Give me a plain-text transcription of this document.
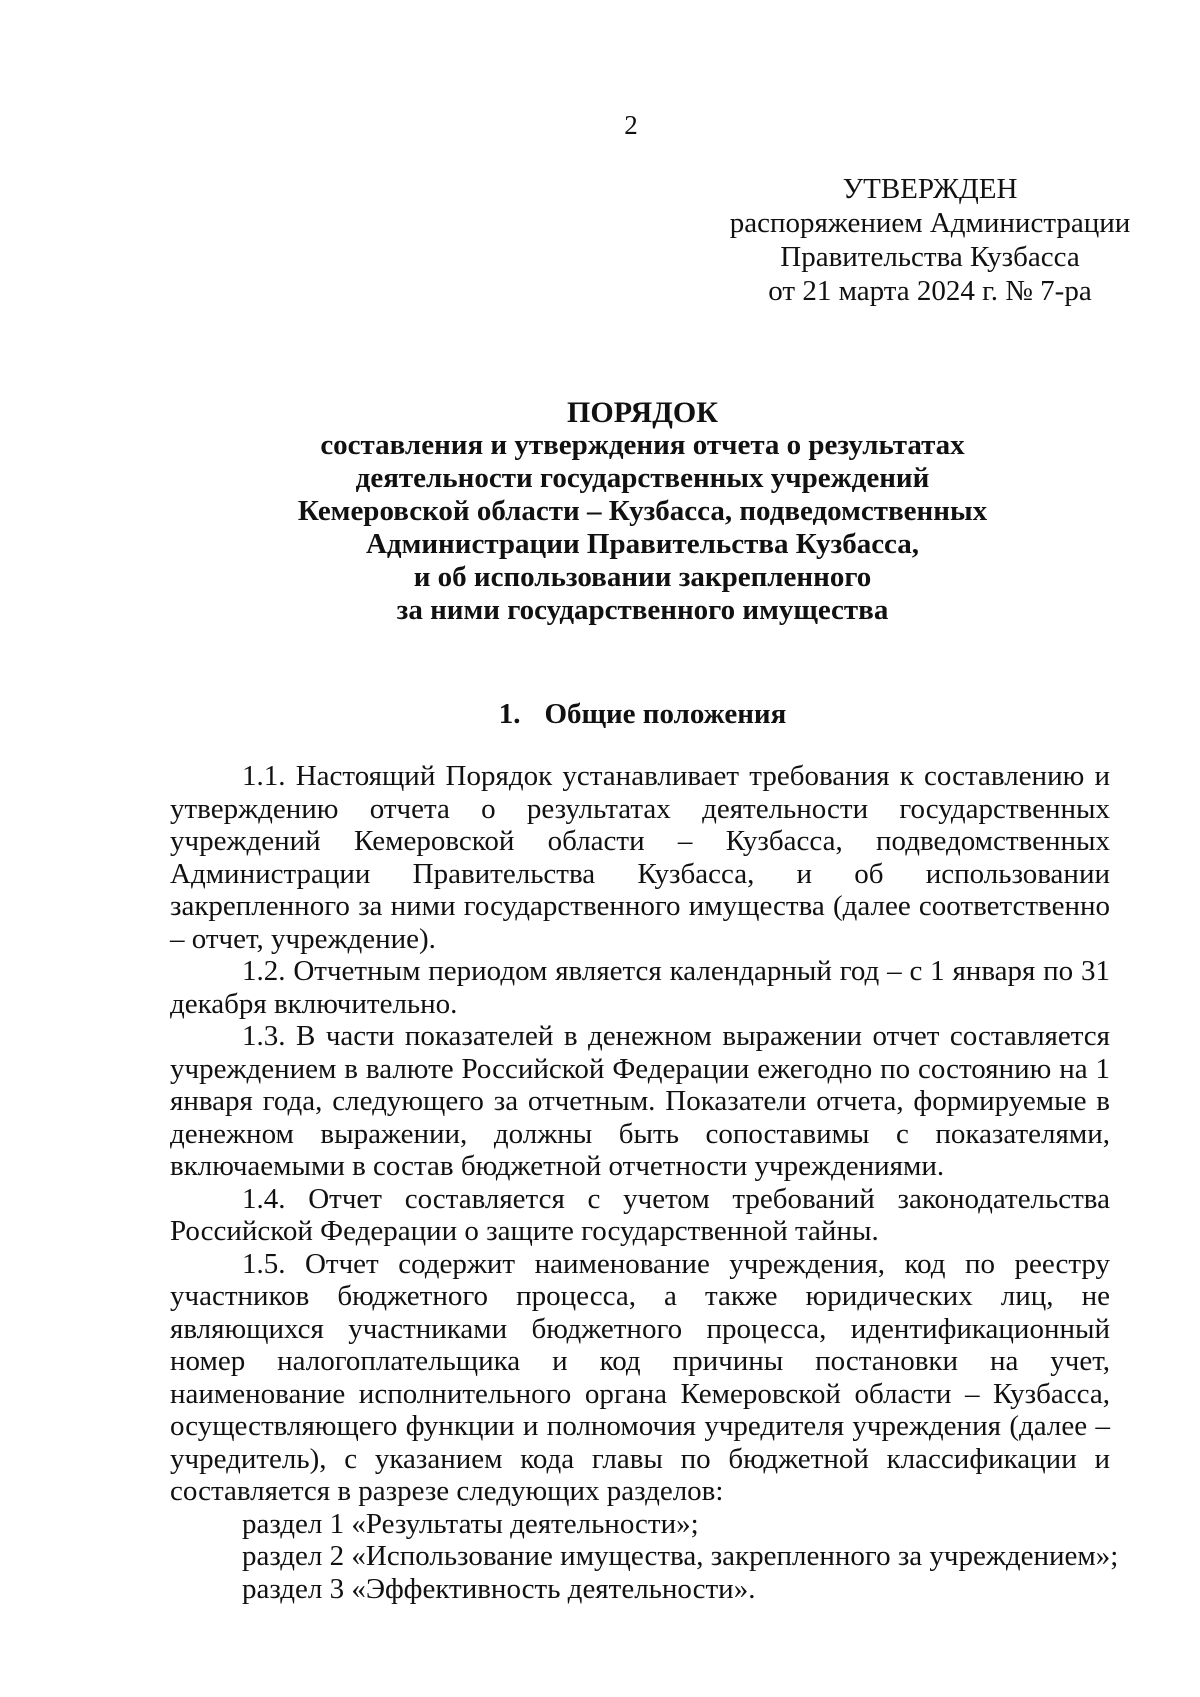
2
УТВЕРЖДЕН
распоряжением Администрации
Правительства Кузбасса
от 21 марта 2024 г. № 7-ра
ПОРЯДОК
составления и утверждения отчета о результатах
деятельности государственных учреждений
Кемеровской области – Кузбасса, подведомственных
Администрации Правительства Кузбасса,
и об использовании закрепленного
за ними государственного имущества
1. Общие положения

1.1. Настоящий Порядок устанавливает требования к составлению и утверждению отчета о результатах деятельности государственных учреждений Кемеровской области – Кузбасса, подведомственных Администрации Правительства Кузбасса, и об использовании закрепленного за ними государственного имущества (далее соответственно – отчет, учреждение).

1.2. Отчетным периодом является календарный год – с 1 января по 31 декабря включительно.

1.3. В части показателей в денежном выражении отчет составляется учреждением в валюте Российской Федерации ежегодно по состоянию на 1 января года, следующего за отчетным. Показатели отчета, формируемые в денежном выражении, должны быть сопоставимы с показателями, включаемыми в состав бюджетной отчетности учреждениями.

1.4. Отчет составляется с учетом требований законодательства Российской Федерации о защите государственной тайны.

1.5. Отчет содержит наименование учреждения, код по реестру участников бюджетного процесса, а также юридических лиц, не являющихся участниками бюджетного процесса, идентификационный номер налогоплательщика и код причины постановки на учет, наименование исполнительного органа Кемеровской области – Кузбасса, осуществляющего функции и полномочия учредителя учреждения (далее – учредитель), с указанием кода главы по бюджетной классификации и составляется в разрезе следующих разделов:

раздел 1 «Результаты деятельности»;

раздел 2 «Использование имущества, закрепленного за учреждением»;

раздел 3 «Эффективность деятельности».
